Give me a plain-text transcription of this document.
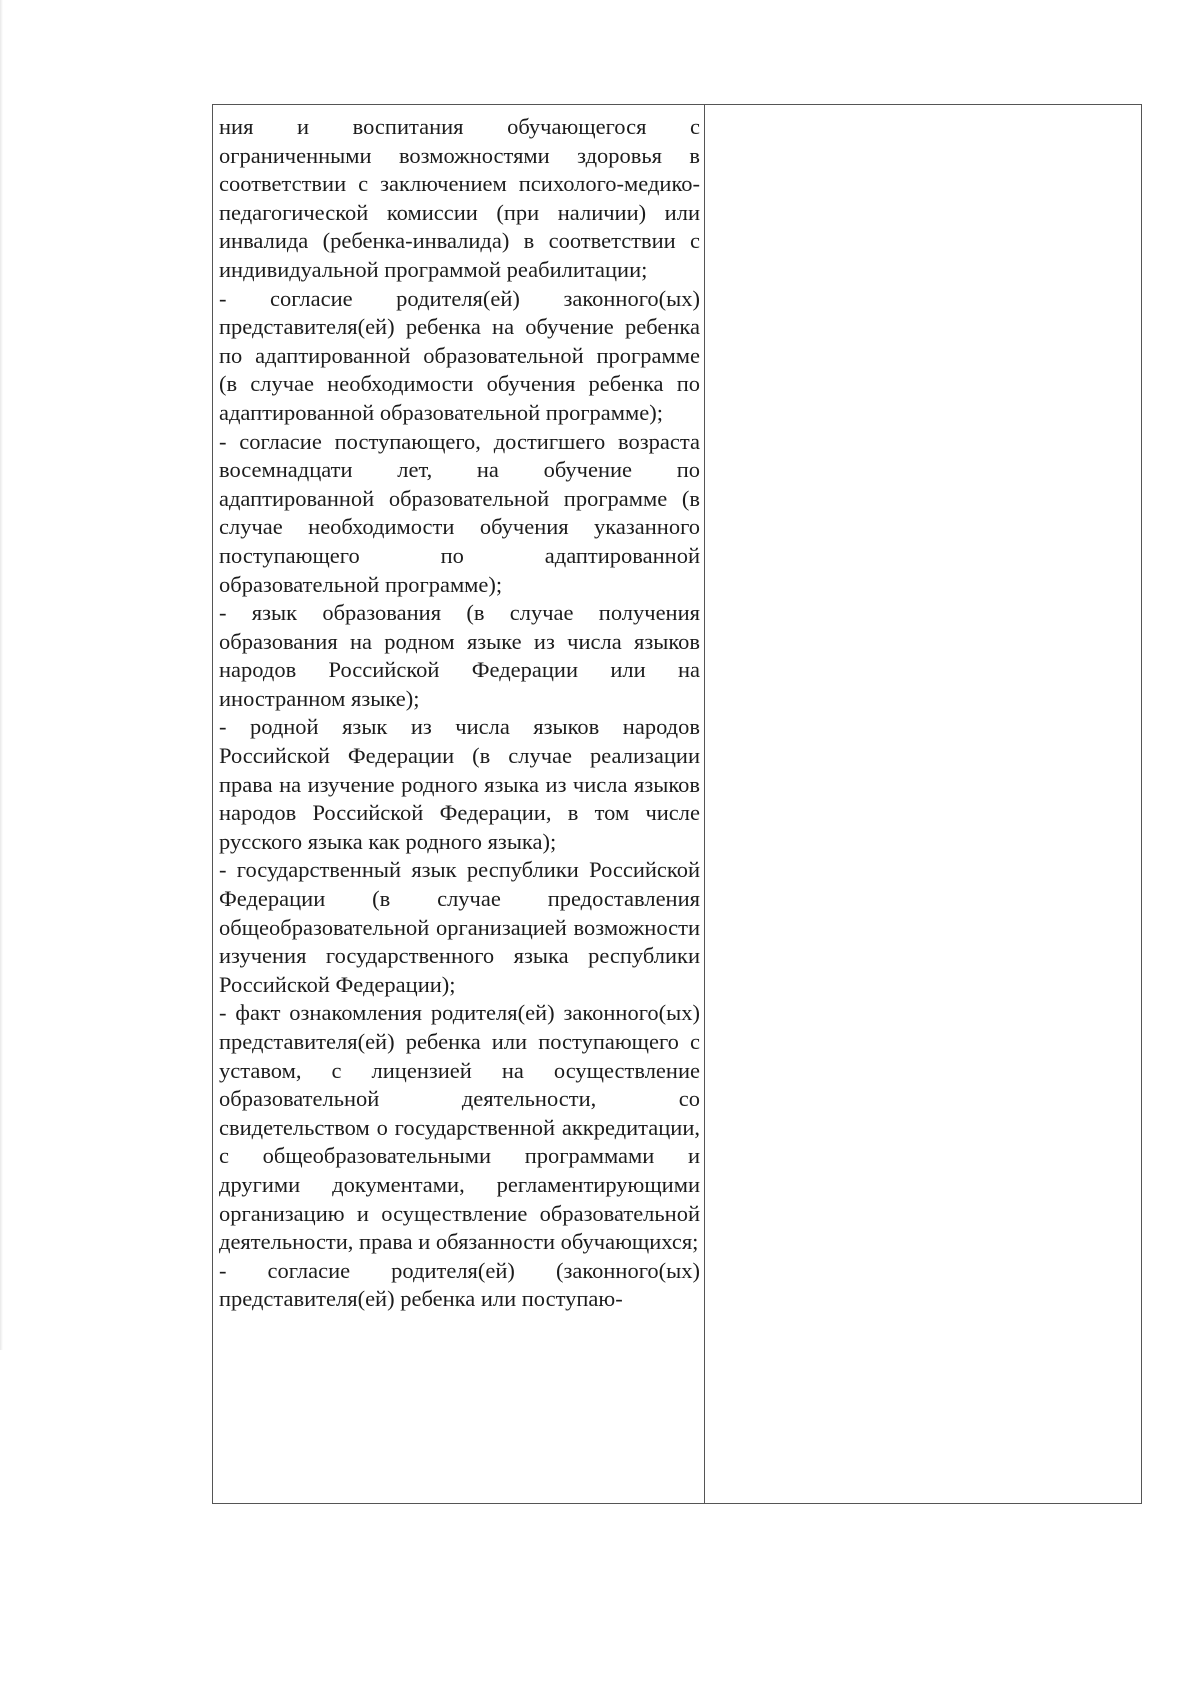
ния и воспитания обучающегося с ограниченными возможностями здоровья в соответствии с заключением психолого-медико-педагогической комиссии (при наличии) или инвалида (ребенка-инвалида) в соответствии с индивидуальной программой реабилитации;

- согласие родителя(ей) законного(ых) представителя(ей) ребенка на обучение ребенка по адаптированной образовательной программе (в случае необходимости обучения ребенка по адаптированной образовательной программе);

- согласие поступающего, достигшего возраста восемнадцати лет, на обучение по адаптированной образовательной программе (в случае необходимости обучения указанного поступающего по адаптированной образовательной программе);

- язык образования (в случае получения образования на родном языке из числа языков народов Российской Федерации или на иностранном языке);

- родной язык из числа языков народов Российской Федерации (в случае реализации права на изучение родного языка из числа языков народов Российской Федерации, в том числе русского языка как родного языка);

- государственный язык республики Российской Федерации (в случае предоставления общеобразовательной организацией возможности изучения государственного языка республики Российской Федерации);

- факт ознакомления родителя(ей) законного(ых) представителя(ей) ребенка или поступающего с уставом, с лицензией на осуществление образовательной деятельности, со свидетельством о государственной аккредитации, с общеобразовательными программами и другими документами, регламентирующими организацию и осуществление образовательной деятельности, права и обязанности обучающихся;

- согласие родителя(ей) (законного(ых) представителя(ей) ребенка или поступаю-
